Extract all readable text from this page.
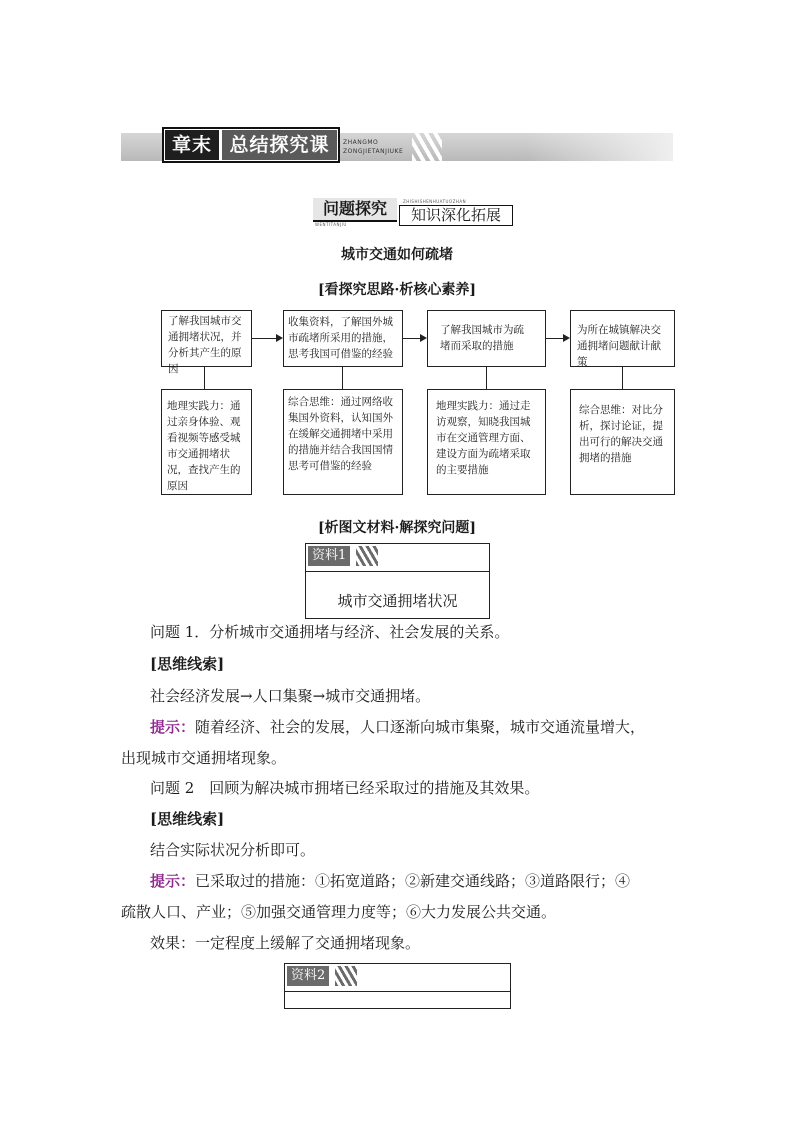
章末 总结探究课	ZHANGMO
ZONGJIETANJIUKE
问题探究
WENTITANJIU
ZHISHISHENHUATUOZHAN
知识深化拓展
城市交通如何疏堵
[看探究思路·析核心素养]
了解我国城市交通拥堵状况，并分析其产生的原因
收集资料，了解国外城市疏堵所采用的措施，思考我国可借鉴的经验
了解我国城市为疏堵而采取的措施
为所在城镇解决交通拥堵问题献计献策
地理实践力：通过亲身体验、观看视频等感受城市交通拥堵状况，查找产生的原因
综合思维：通过网络收集国外资料，认知国外在缓解交通拥堵中采用的措施并结合我国国情思考可借鉴的经验
地理实践力：通过走访观察，知晓我国城市在交通管理方面、建设方面为疏堵采取的主要措施
综合思维：对比分析，探讨论证，提出可行的解决交通拥堵的措施
[析图文材料·解探究问题]
资料1
城市交通拥堵状况
问题 1．分析城市交通拥堵与经济、社会发展的关系。
[思维线索]
社会经济发展→人口集聚→城市交通拥堵。
提示：随着经济、社会的发展，人口逐渐向城市集聚，城市交通流量增大，
出现城市交通拥堵现象。
问题 2　回顾为解决城市拥堵已经采取过的措施及其效果。
[思维线索]
结合实际状况分析即可。
提示：已采取过的措施：①拓宽道路；②新建交通线路；③道路限行；④
疏散人口、产业；⑤加强交通管理力度等；⑥大力发展公共交通。
效果：一定程度上缓解了交通拥堵现象。
资料2
